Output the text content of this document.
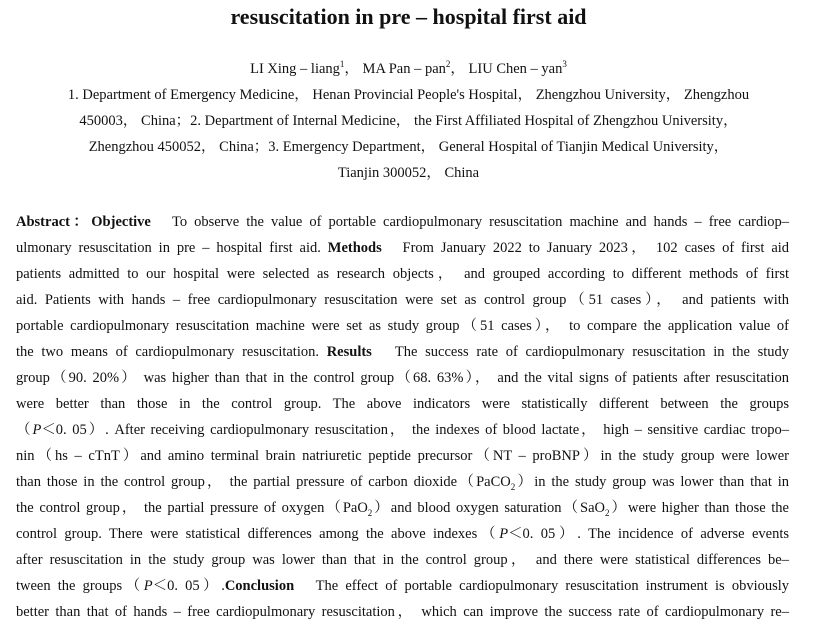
resuscitation in pre – hospital first aid
LI Xing – liang$^1$， MA Pan – pan$^2$， LIU Chen – yan$^3$
1. Department of Emergency Medicine， Henan Provincial People's Hospital， Zhengzhou University， Zhengzhou
450003， China；2. Department of Internal Medicine， the First Affiliated Hospital of Zhengzhou University，
Zhengzhou 450052， China；3. Emergency Department， General Hospital of Tianjin Medical University，
Tianjin 300052， China
Abstract：Objective To observe the value of portable cardiopulmonary resuscitation machine and hands – free cardiop–
ulmonary resuscitation in pre – hospital first aid. Methods From January 2022 to January 2023， 102 cases of first aid
patients admitted to our hospital were selected as research objects， and grouped according to different methods of first
aid. Patients with hands – free cardiopulmonary resuscitation were set as control group（51 cases）， and patients with
portable cardiopulmonary resuscitation machine were set as study group（51 cases）， to compare the application value of
the two means of cardiopulmonary resuscitation. Results The success rate of cardiopulmonary resuscitation in the study
group（90. 20%） was higher than that in the control group（68. 63%）， and the vital signs of patients after resuscitation
were better than those in the control group. The above indicators were statistically different between the groups
（P＜0. 05）. After receiving cardiopulmonary resuscitation， the indexes of blood lactate， high – sensitive cardiac tropo–
nin（hs – cTnT）and amino terminal brain natriuretic peptide precursor（NT – proBNP）in the study group were lower
than those in the control group， the partial pressure of carbon dioxide（PaCO$_2$）in the study group was lower than that in
the control group， the partial pressure of oxygen（PaO$_2$）and blood oxygen saturation（SaO$_2$）were higher than those the
control group. There were statistical differences among the above indexes（P＜0. 05）. The incidence of adverse events
after resuscitation in the study group was lower than that in the control group， and there were statistical differences be–
tween the groups（P＜0. 05）.Conclusion The effect of portable cardiopulmonary resuscitation instrument is obviously
better than that of hands – free cardiopulmonary resuscitation， which can improve the success rate of cardiopulmonary re–
